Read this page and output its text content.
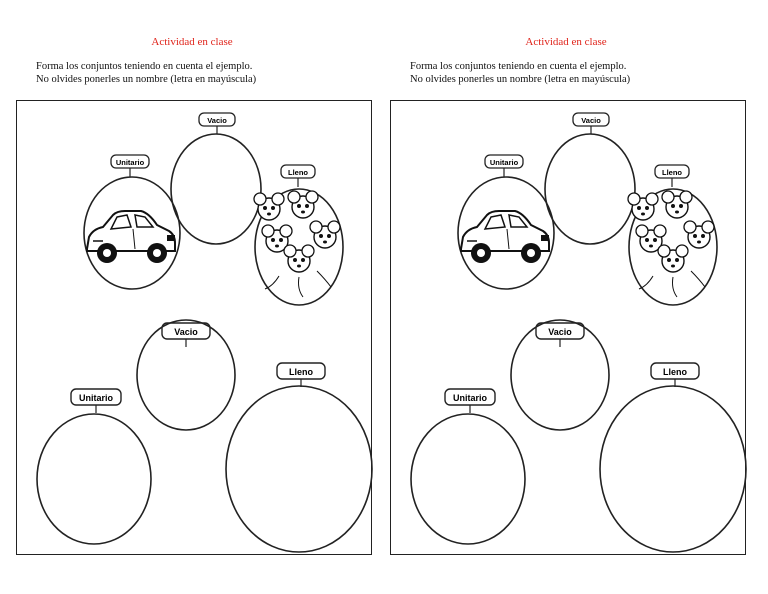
Actividad en clase
Forma los conjuntos teniendo en cuenta el ejemplo.
No olvides ponerles un nombre (letra en mayúscula)
Unitario
Vacio
Lleno
Vacio
Unitario
Lleno
Actividad en clase
Forma los conjuntos teniendo en cuenta el ejemplo.
No olvides ponerles un nombre (letra en mayúscula)
Unitario
Vacio
Lleno
Vacio
Unitario
Lleno
